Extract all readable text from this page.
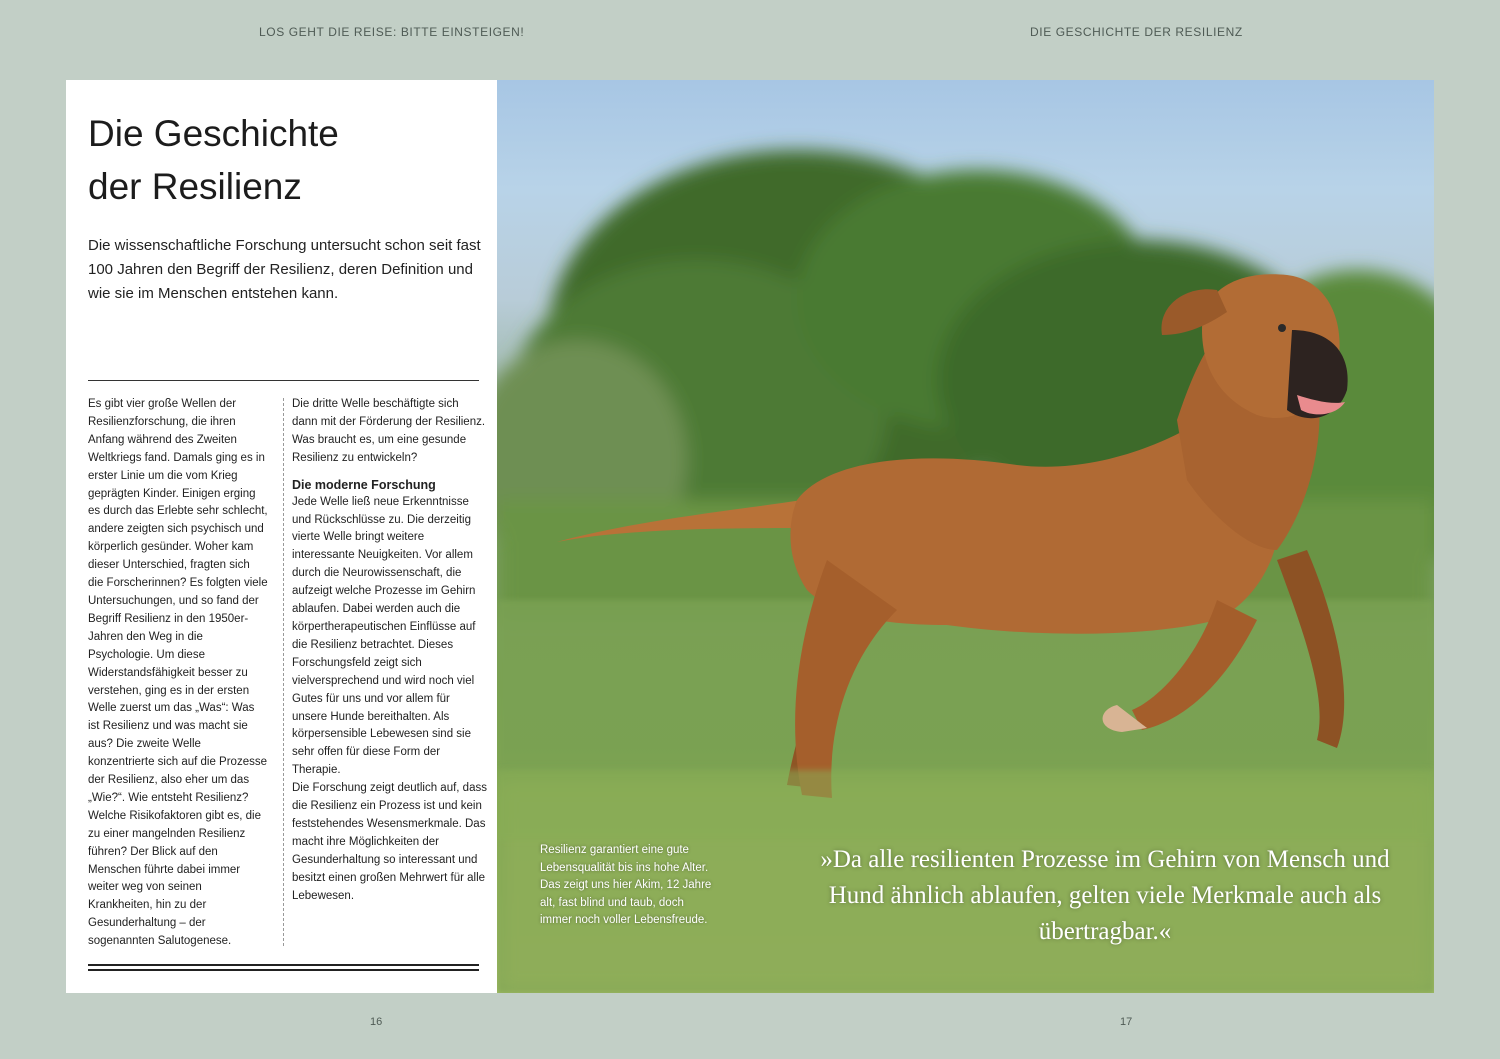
LOS GEHT DIE REISE: BITTE EINSTEIGEN!	DIE GESCHICHTE DER RESILIENZ
Die Geschichte
der Resilienz

Die wissenschaftliche Forschung untersucht schon seit fast 100 Jahren den Begriff der Resilienz, deren Definition und wie sie im Menschen entstehen kann.

Es gibt vier große Wellen der Resilienzforschung, die ihren Anfang während des Zweiten Weltkriegs fand. Damals ging es in erster Linie um die vom Krieg geprägten Kinder. Einigen erging es durch das Erlebte sehr schlecht, andere zeigten sich psychisch und körperlich gesünder. Woher kam dieser Unterschied, fragten sich die Forscherinnen? Es folgten viele Untersuchungen, und so fand der Begriff Resilienz in den 1950er-Jahren den Weg in die Psychologie. Um diese Widerstandsfähigkeit besser zu verstehen, ging es in der ersten Welle zuerst um das „Was“: Was ist Resilienz und was macht sie aus? Die zweite Welle konzentrierte sich auf die Prozesse der Resilienz, also eher um das „Wie?“. Wie entsteht Resilienz? Welche Risikofaktoren gibt es, die zu einer mangelnden Resilienz führen? Der Blick auf den Menschen führte dabei immer weiter weg von seinen Krankheiten, hin zu der Gesunderhaltung – der sogenannten Salutogenese.

Die dritte Welle beschäftigte sich dann mit der Förderung der Resilienz. Was braucht es, um eine gesunde Resilienz zu entwickeln?

Die moderne Forschung

Jede Welle ließ neue Erkenntnisse und Rückschlüsse zu. Die derzeitig vierte Welle bringt weitere interessante Neuigkeiten. Vor allem durch die Neurowissenschaft, die aufzeigt welche Prozesse im Gehirn ablaufen. Dabei werden auch die körpertherapeutischen Einflüsse auf die Resilienz betrachtet. Dieses Forschungsfeld zeigt sich vielversprechend und wird noch viel Gutes für uns und vor allem für unsere Hunde bereithalten. Als körpersensible Lebewesen sind sie sehr offen für diese Form der Therapie.

Die Forschung zeigt deutlich auf, dass die Resilienz ein Prozess ist und kein feststehendes Wesensmerkmale. Das macht ihre Möglichkeiten der Gesunderhaltung so interessant und besitzt einen großen Mehrwert für alle Lebewesen.

Resilienz garantiert eine gute Lebensqualität bis ins hohe Alter. Das zeigt uns hier Akim, 12 Jahre alt, fast blind und taub, doch immer noch voller Lebensfreude.

»Da alle resilienten Prozesse im Gehirn von Mensch und Hund ähnlich ablaufen, gelten viele Merkmale auch als übertragbar.«

16	17
